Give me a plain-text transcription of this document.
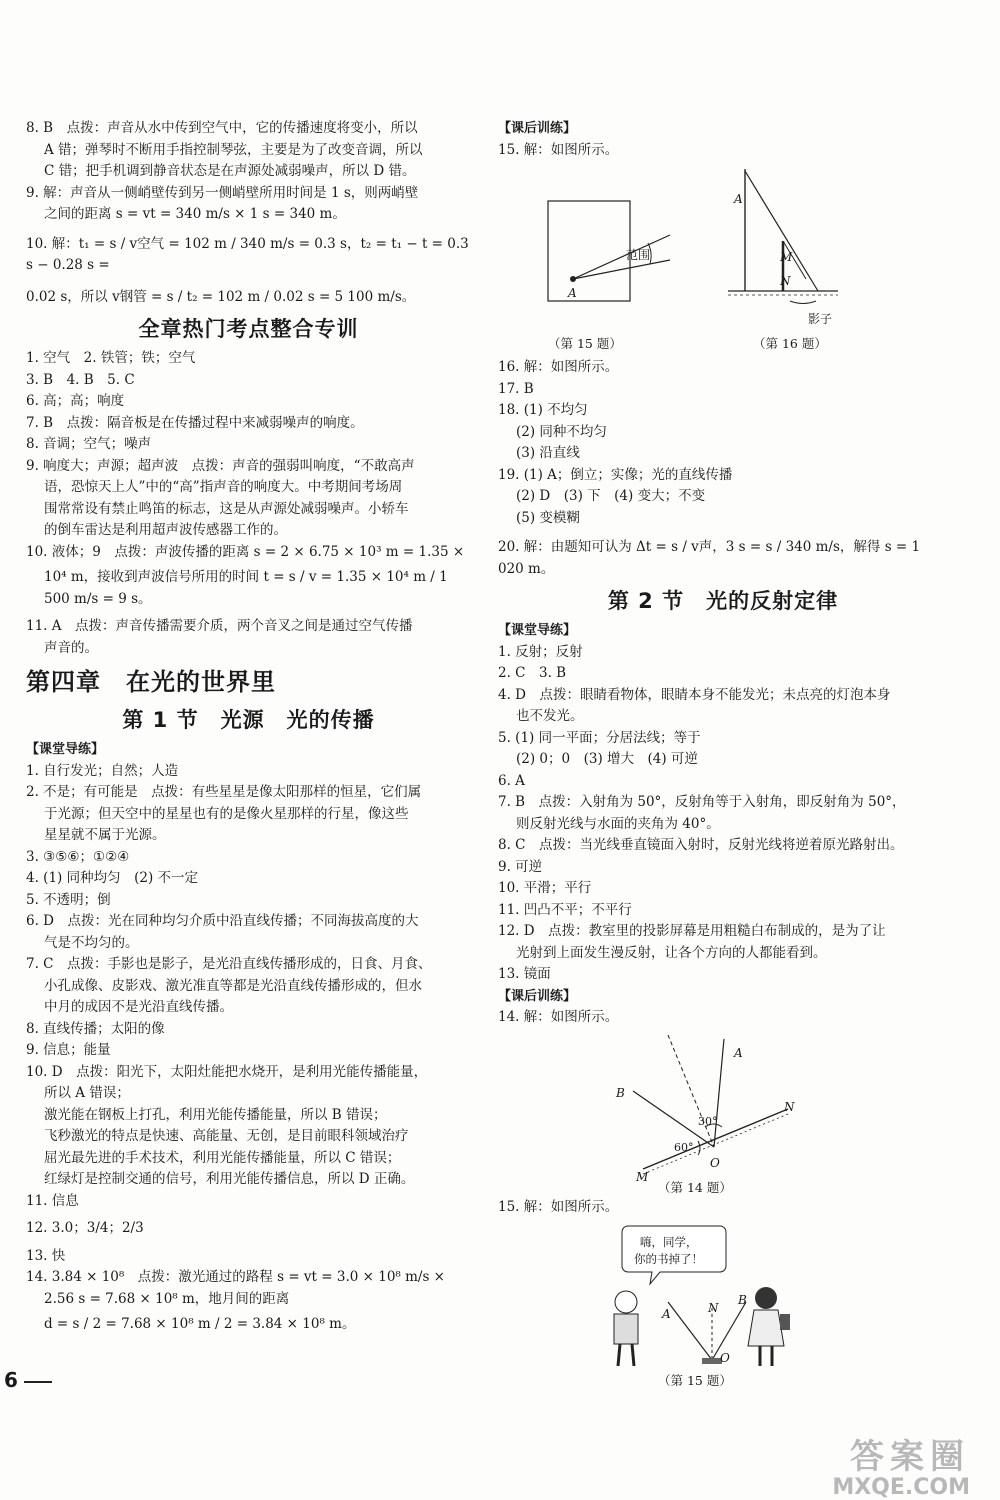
8. B　点拨：声音从水中传到空气中，它的传播速度将变小，所以

A 错；弹琴时不断用手指控制琴弦，主要是为了改变音调，所以

C 错；把手机调到静音状态是在声源处减弱噪声，所以 D 错。

9. 解：声音从一侧峭壁传到另一侧峭壁所用时间是 1 s，则两峭壁

之间的距离 s = vt = 340 m/s × 1 s = 340 m。

10. 解：t₁ = s / v空气 = 102 m / 340 m/s = 0.3 s，t₂ = t₁ − t = 0.3 s − 0.28 s =

0.02 s，所以 v钢管 = s / t₂ = 102 m / 0.02 s = 5 100 m/s。

全章热门考点整合专训

1. 空气　2. 铁管；铁；空气

3. B　4. B　5. C

6. 高；高；响度

7. B　点拨：隔音板是在传播过程中来减弱噪声的响度。

8. 音调；空气；噪声

9. 响度大；声源；超声波　点拨：声音的强弱叫响度，“不敢高声

语，恐惊天上人”中的“高”指声音的响度大。中考期间考场周

围常常设有禁止鸣笛的标志，这是从声源处减弱噪声。小轿车

的倒车雷达是利用超声波传感器工作的。

10. 液体；9　点拨：声波传播的距离 s = 2 × 6.75 × 10³ m = 1.35 ×

10⁴ m，接收到声波信号所用的时间 t = s / v = 1.35 × 10⁴ m / 1 500 m/s = 9 s。

11. A　点拨：声音传播需要介质，两个音叉之间是通过空气传播

声音的。

第四章　在光的世界里
第 1 节　光源　光的传播
【课堂导练】

1. 自行发光；自然；人造

2. 不是；有可能是　点拨：有些星星是像太阳那样的恒星，它们属

于光源；但天空中的星星也有的是像火星那样的行星，像这些

星星就不属于光源。

3. ③⑤⑥；①②④

4. (1) 同种均匀　(2) 不一定

5. 不透明；倒

6. D　点拨：光在同种均匀介质中沿直线传播；不同海拔高度的大

气是不均匀的。

7. C　点拨：手影也是影子，是光沿直线传播形成的，日食、月食、

小孔成像、皮影戏、激光准直等都是光沿直线传播形成的，但水

中月的成因不是光沿直线传播。

8. 直线传播；太阳的像

9. 信息；能量

10. D　点拨：阳光下，太阳灶能把水烧开，是利用光能传播能量，

所以 A 错误；

激光能在钢板上打孔，利用光能传播能量，所以 B 错误；

飞秒激光的特点是快速、高能量、无创，是目前眼科领域治疗

屈光最先进的手术技术，利用光能传播能量，所以 C 错误；

红绿灯是控制交通的信号，利用光能传播信息，所以 D 正确。

11. 信息

12. 3.0；3/4；2/3

13. 快

14. 3.84 × 10⁸　点拨：激光通过的路程 s = vt = 3.0 × 10⁸ m/s ×

2.56 s = 7.68 × 10⁸ m，地月间的距离

d = s / 2 = 7.68 × 10⁸ m / 2 = 3.84 × 10⁸ m。

【课后训练】

15. 解：如图所示。

范围
A
A
M
N
影子
（第 15 题）	（第 16 题）

16. 解：如图所示。

17. B

18. (1) 不均匀

(2) 同种不均匀

(3) 沿直线

19. (1) A；倒立；实像；光的直线传播

(2) D　(3) 下　(4) 变大；不变

(5) 变模糊

20. 解：由题知可认为 Δt = s / v声，3 s = s / 340 m/s，解得 s = 1 020 m。

第 2 节　光的反射定律
【课堂导练】

1. 反射；反射

2. C　3. B

4. D　点拨：眼睛看物体，眼睛本身不能发光；未点亮的灯泡本身

也不发光。

5. (1) 同一平面；分居法线；等于

(2) 0；0　(3) 增大　(4) 可逆

6. A

7. B　点拨：入射角为 50°，反射角等于入射角，即反射角为 50°，

则反射光线与水面的夹角为 40°。

8. C　点拨：当光线垂直镜面入射时，反射光线将逆着原光路射出。

9. 可逆

10. 平滑；平行

11. 凹凸不平；不平行

12. D　点拨：教室里的投影屏幕是用粗糙白布制成的，是为了让

光射到上面发生漫反射，让各个方向的人都能看到。

13. 镜面

【课后训练】

14. 解：如图所示。

A
B
N
M
O
30°
60°
（第 14 题）

15. 解：如图所示。

嗨，同学，
你的书掉了！
A
B
N
O
（第 15 题）
6
答案圈
MXQE.COM
